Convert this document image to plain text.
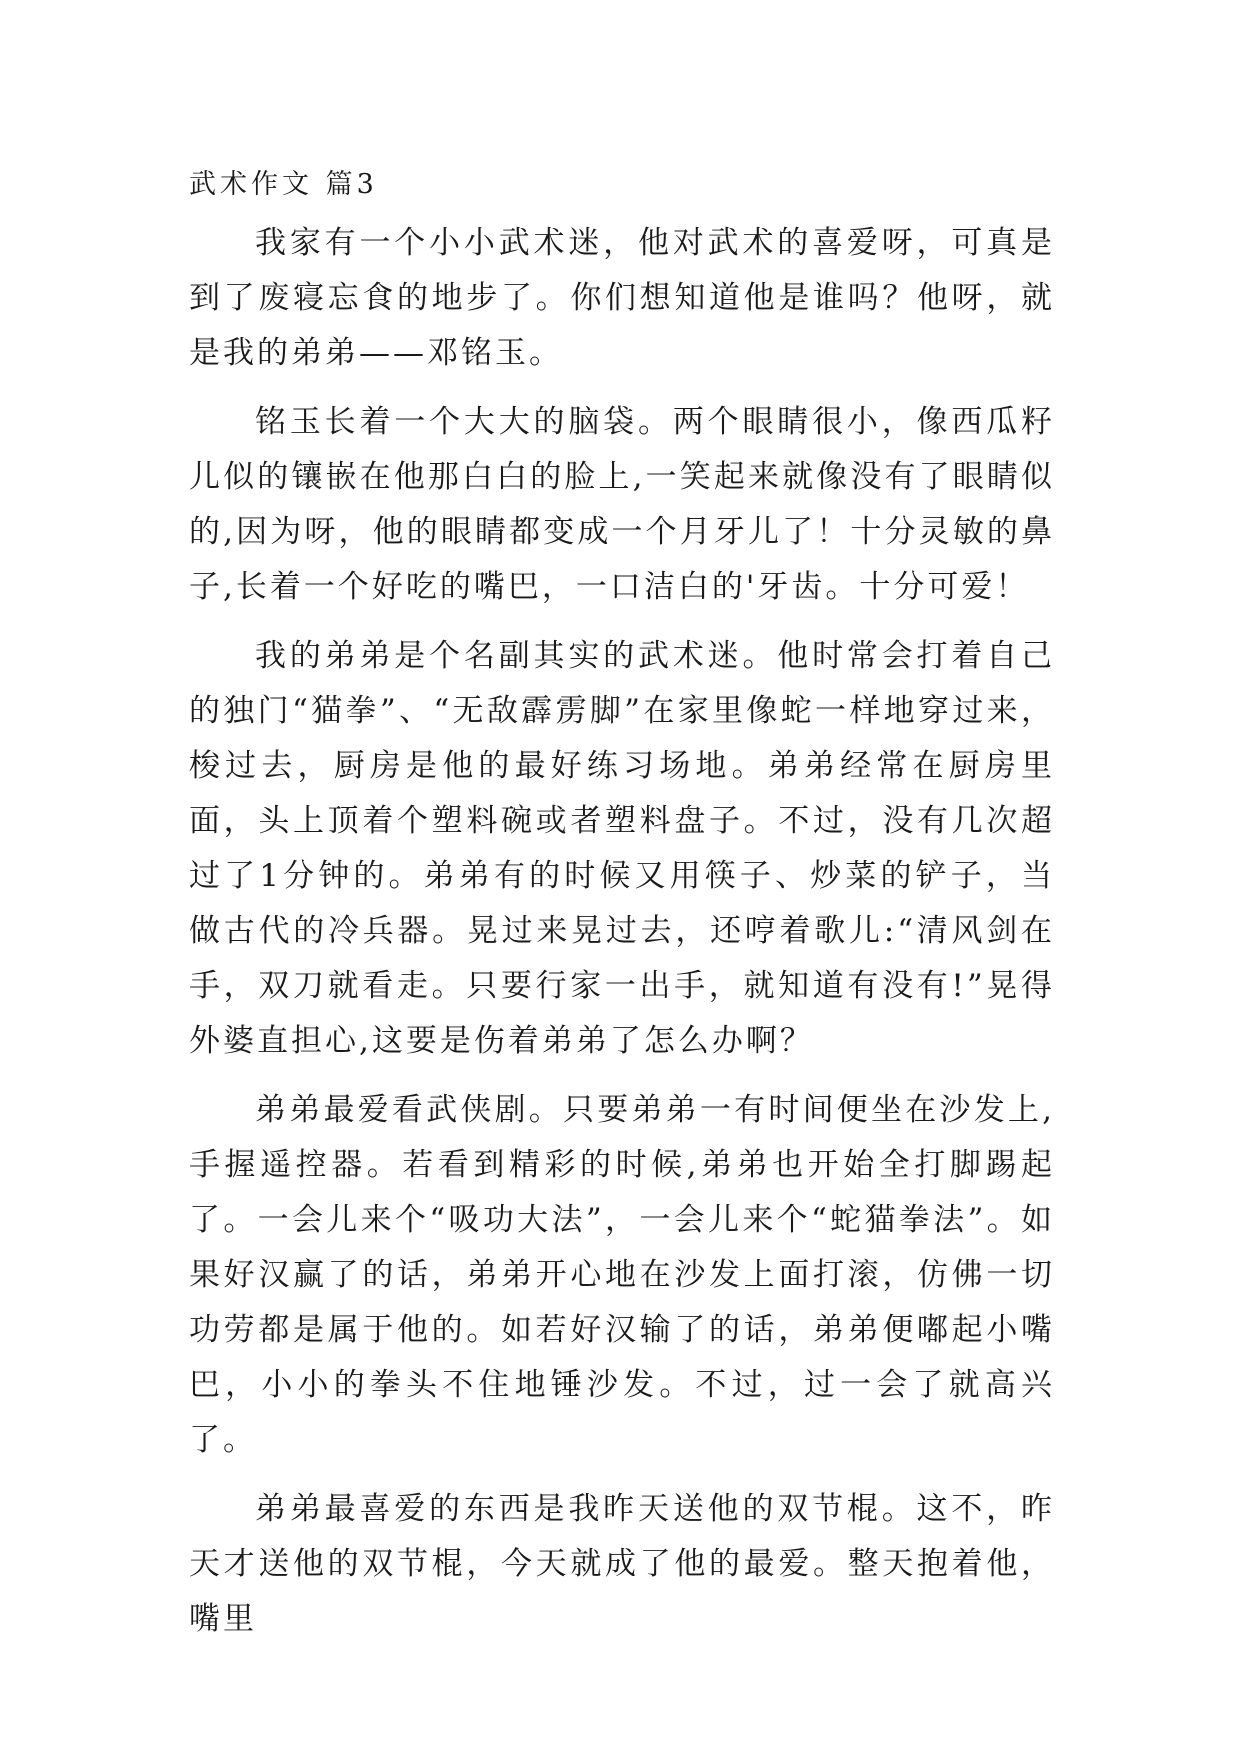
武术作文 篇3

我家有一个小小武术迷，他对武术的喜爱呀，可真是到了废寝忘食的地步了。你们想知道他是谁吗？他呀，就是我的弟弟——邓铭玉。

铭玉长着一个大大的脑袋。两个眼睛很小，像西瓜籽儿似的镶嵌在他那白白的脸上,一笑起来就像没有了眼睛似的,因为呀，他的眼睛都变成一个月牙儿了！十分灵敏的鼻子,长着一个好吃的嘴巴，一口洁白的'牙齿。十分可爱！

我的弟弟是个名副其实的武术迷。他时常会打着自己的独门“猫拳”、“无敌霹雳脚”在家里像蛇一样地穿过来，梭过去，厨房是他的最好练习场地。弟弟经常在厨房里面，头上顶着个塑料碗或者塑料盘子。不过，没有几次超过了1分钟的。弟弟有的时候又用筷子、炒菜的铲子，当做古代的冷兵器。晃过来晃过去，还哼着歌儿:“清风剑在手，双刀就看走。只要行家一出手，就知道有没有!”晃得外婆直担心,这要是伤着弟弟了怎么办啊？

弟弟最爱看武侠剧。只要弟弟一有时间便坐在沙发上,手握遥控器。若看到精彩的时候,弟弟也开始全打脚踢起了。一会儿来个“吸功大法”，一会儿来个“蛇猫拳法”。如果好汉赢了的话，弟弟开心地在沙发上面打滚，仿佛一切功劳都是属于他的。如若好汉输了的话，弟弟便嘟起小嘴巴，小小的拳头不住地锤沙发。不过，过一会了就高兴了。

弟弟最喜爱的东西是我昨天送他的双节棍。这不，昨天才送他的双节棍，今天就成了他的最爱。整天抱着他，嘴里
